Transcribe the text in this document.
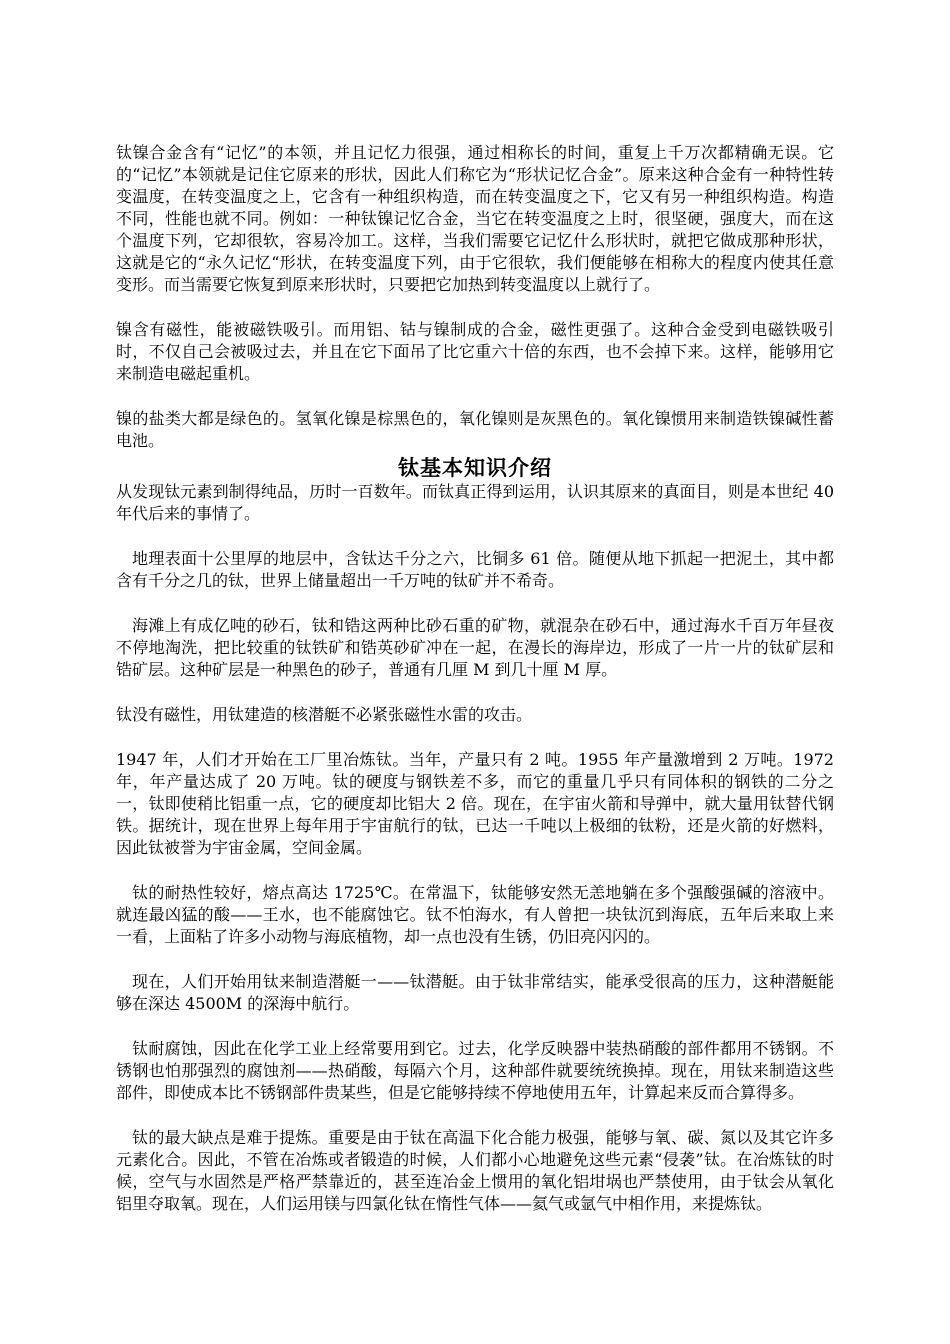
钛镍合金含有“记忆”的本领，并且记忆力很强，通过相称长的时间，重复上千万次都精确无误。它的“记忆”本领就是记住它原来的形状，因此人们称它为“形状记忆合金”。原来这种合金有一种特性转变温度，在转变温度之上，它含有一种组织构造，而在转变温度之下，它又有另一种组织构造。构造不同，性能也就不同。例如：一种钛镍记忆合金，当它在转变温度之上时，很坚硬，强度大，而在这个温度下列，它却很软，容易冷加工。这样，当我们需要它记忆什么形状时，就把它做成那种形状，这就是它的“永久记忆“形状，在转变温度下列，由于它很软，我们便能够在相称大的程度内使其任意变形。而当需要它恢复到原来形状时，只要把它加热到转变温度以上就行了。

镍含有磁性，能被磁铁吸引。而用铝、钴与镍制成的合金，磁性更强了。这种合金受到电磁铁吸引时，不仅自己会被吸过去，并且在它下面吊了比它重六十倍的东西，也不会掉下来。这样，能够用它来制造电磁起重机。

镍的盐类大都是绿色的。氢氧化镍是棕黑色的，氧化镍则是灰黑色的。氧化镍惯用来制造铁镍碱性蓄电池。

钛基本知识介绍

从发现钛元素到制得纯品，历时一百数年。而钛真正得到运用，认识其原来的真面目，则是本世纪 40 年代后来的事情了。

地理表面十公里厚的地层中，含钛达千分之六，比铜多 61 倍。随便从地下抓起一把泥土，其中都含有千分之几的钛，世界上储量超出一千万吨的钛矿并不希奇。

海滩上有成亿吨的砂石，钛和锆这两种比砂石重的矿物，就混杂在砂石中，通过海水千百万年昼夜不停地淘洗，把比较重的钛铁矿和锆英砂矿冲在一起，在漫长的海岸边，形成了一片一片的钛矿层和锆矿层。这种矿层是一种黑色的砂子，普通有几厘 M 到几十厘 M 厚。

钛没有磁性，用钛建造的核潜艇不必紧张磁性水雷的攻击。

1947 年，人们才开始在工厂里冶炼钛。当年，产量只有 2 吨。1955 年产量激增到 2 万吨。1972 年，年产量达成了 20 万吨。钛的硬度与钢铁差不多，而它的重量几乎只有同体积的钢铁的二分之一，钛即使稍比铝重一点，它的硬度却比铝大 2 倍。现在，在宇宙火箭和导弹中，就大量用钛替代钢铁。据统计，现在世界上每年用于宇宙航行的钛，已达一千吨以上极细的钛粉，还是火箭的好燃料，因此钛被誉为宇宙金属，空间金属。

钛的耐热性较好，熔点高达 1725℃。在常温下，钛能够安然无恙地躺在多个强酸强碱的溶液中。就连最凶猛的酸——王水，也不能腐蚀它。钛不怕海水，有人曾把一块钛沉到海底，五年后来取上来一看，上面粘了许多小动物与海底植物，却一点也没有生锈，仍旧亮闪闪的。

现在，人们开始用钛来制造潜艇一——钛潜艇。由于钛非常结实，能承受很高的压力，这种潜艇能够在深达 4500M 的深海中航行。

钛耐腐蚀，因此在化学工业上经常要用到它。过去，化学反映器中装热硝酸的部件都用不锈钢。不锈钢也怕那强烈的腐蚀剂——热硝酸，每隔六个月，这种部件就要统统换掉。现在，用钛来制造这些部件，即使成本比不锈钢部件贵某些，但是它能够持续不停地使用五年，计算起来反而合算得多。

钛的最大缺点是难于提炼。重要是由于钛在高温下化合能力极强，能够与氧、碳、氮以及其它许多元素化合。因此，不管在冶炼或者锻造的时候，人们都小心地避免这些元素“侵袭”钛。在冶炼钛的时候，空气与水固然是严格严禁靠近的，甚至连冶金上惯用的氧化铝坩埚也严禁使用，由于钛会从氧化铝里夺取氧。现在，人们运用镁与四氯化钛在惰性气体——氦气或氩气中相作用，来提炼钛。
